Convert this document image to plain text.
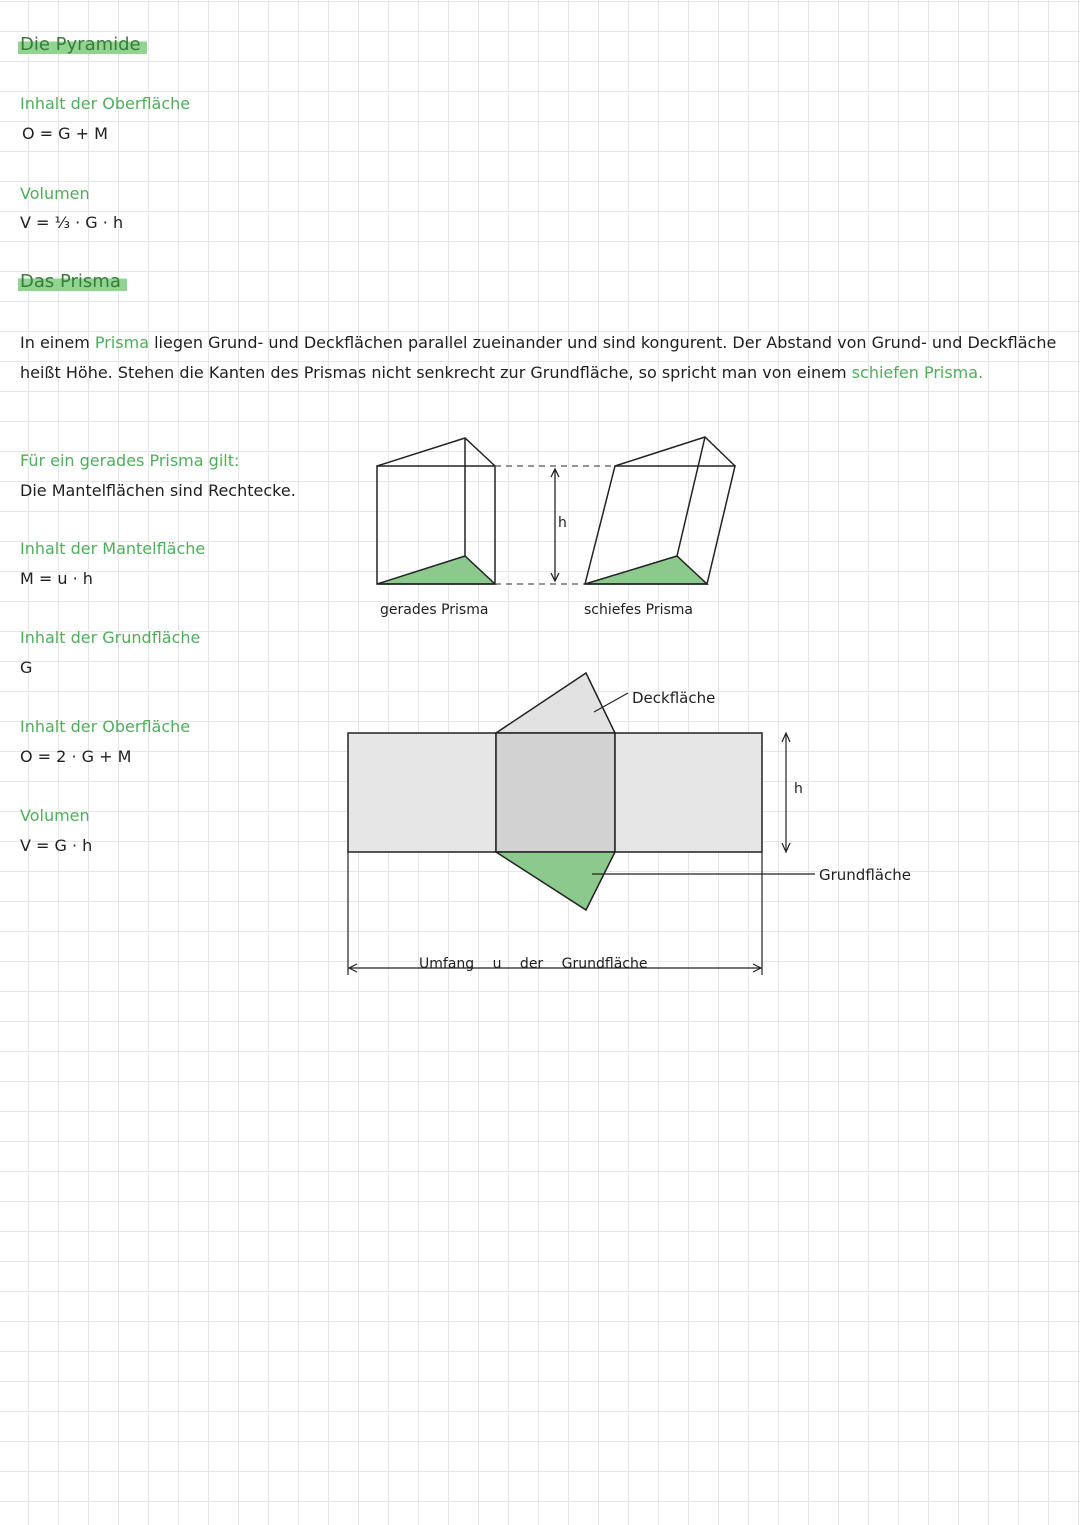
Die Pyramide
Inhalt der Oberfläche
O = G + M
Volumen
V = ⅓ · G · h
Das Prisma
In einem Prisma liegen Grund- und Deckflächen parallel zueinander und sind kongurent. Der Abstand von Grund- und Deckfläche heißt Höhe. Stehen die Kanten des Prismas nicht senkrecht zur Grundfläche, so spricht man von einem schiefen Prisma.
Für ein gerades Prisma gilt:
Die Mantelflächen sind Rechtecke.
Inhalt der Mantelfläche
M = u · h
Inhalt der Grundfläche
G
Inhalt der Oberfläche
O = 2 · G + M
Volumen
V = G · h
h
gerades Prisma	schiefes Prisma
Deckfläche
h
Grundfläche
Umfang u der Grundfläche
